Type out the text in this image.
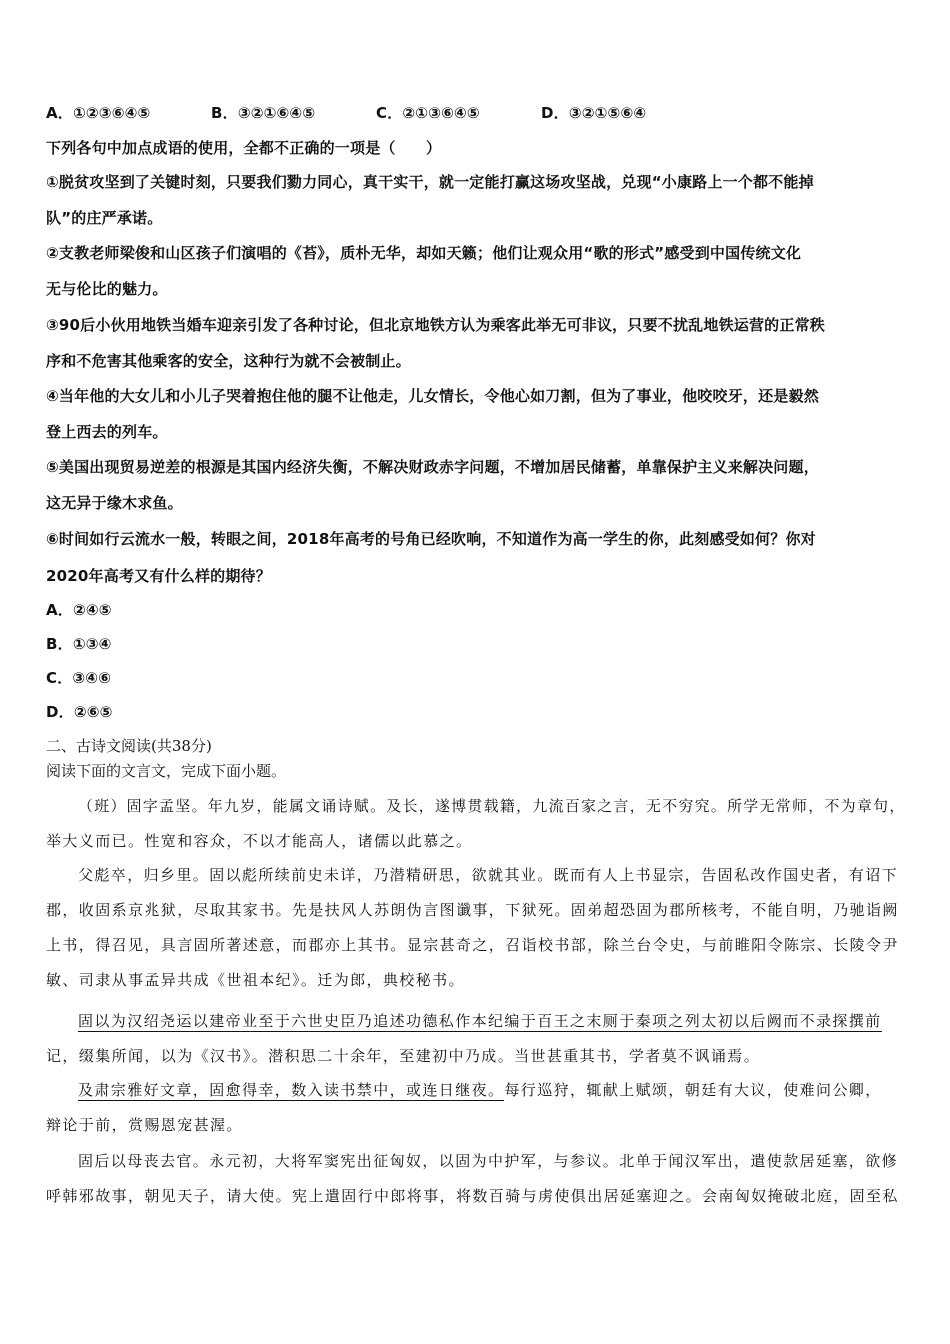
A．①②③⑥④⑤	B．③②①⑥④⑤	C．②①③⑥④⑤	D．③②①⑤⑥④
下列各句中加点成语的使用，全都不正确的一项是（　　）
①脱贫攻坚到了关键时刻，只要我们勠力同心，真干实干，就一定能打赢这场攻坚战，兑现“小康路上一个都不能掉
队”的庄严承诺。
②支教老师梁俊和山区孩子们演唱的《苔》，质朴无华，却如天籁；他们让观众用“歌的形式”感受到中国传统文化
无与伦比的魅力。
③90后小伙用地铁当婚车迎亲引发了各种讨论，但北京地铁方认为乘客此举无可非议，只要不扰乱地铁运营的正常秩
序和不危害其他乘客的安全，这种行为就不会被制止。
④当年他的大女儿和小儿子哭着抱住他的腿不让他走，儿女情长，令他心如刀割，但为了事业，他咬咬牙，还是毅然
登上西去的列车。
⑤美国出现贸易逆差的根源是其国内经济失衡，不解决财政赤字问题，不增加居民储蓄，单靠保护主义来解决问题，
这无异于缘木求鱼。
⑥时间如行云流水一般，转眼之间，2018年高考的号角已经吹响，不知道作为高一学生的你，此刻感受如何？你对
2020年高考又有什么样的期待？
A．②④⑤
B．①③④
C．③④⑥
D．②⑥⑤
二、古诗文阅读(共38分)
阅读下面的文言文，完成下面小题。
（班）固字孟坚。年九岁，能属文诵诗赋。及长，遂博贯载籍，九流百家之言，无不穷究。所学无常师，不为章句，
举大义而已。性宽和容众，不以才能高人，诸儒以此慕之。
父彪卒，归乡里。固以彪所续前史未详，乃潜精研思，欲就其业。既而有人上书显宗，告固私改作国史者，有诏下
郡，收固系京兆狱，尽取其家书。先是扶风人苏朗伪言图谶事，下狱死。固弟超恐固为郡所核考，不能自明，乃驰诣阙
上书，得召见，具言固所著述意，而郡亦上其书。显宗甚奇之，召诣校书部，除兰台令史，与前睢阳令陈宗、长陵令尹
敏、司隶从事孟异共成《世祖本纪》。迁为郎，典校秘书。
固以为汉绍尧运以建帝业至于六世史臣乃追述功德私作本纪编于百王之末厕于秦项之列太初以后阙而不录探撰前
记，缀集所闻，以为《汉书》。潜积思二十余年，至建初中乃成。当世甚重其书，学者莫不讽诵焉。
及肃宗雅好文章，固愈得幸，数入读书禁中，或连日继夜。每行巡狩，辄献上赋颂，朝廷有大议，使难问公卿，
辩论于前，赏赐恩宠甚渥。
固后以母丧去官。永元初，大将军窦宪出征匈奴，以固为中护军，与参议。北单于闻汉军出，遣使款居延塞，欲修
呼韩邪故事，朝见天子，请大使。宪上遣固行中郎将事，将数百骑与虏使俱出居延塞迎之。会南匈奴掩破北庭，固至私
